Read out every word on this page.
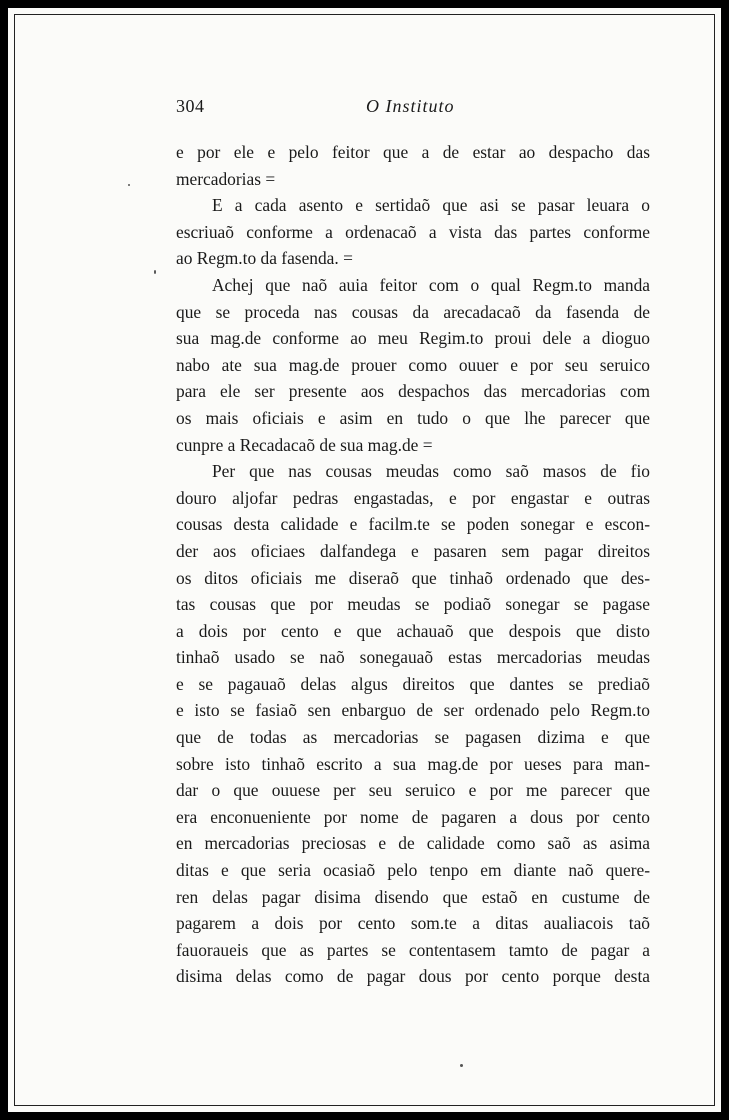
304	O Instituto
e por ele e pelo feitor que a de estar ao despacho das
mercadorias =
E a cada asento e sertidaõ que asi se pasar leuara o
escriuaõ conforme a ordenacaõ a vista das partes conforme
ao Regm.to da fasenda. =
Achej que naõ auia feitor com o qual Regm.to manda
que se proceda nas cousas da arecadacaõ da fasenda de
sua mag.de conforme ao meu Regim.to proui dele a dioguo
nabo ate sua mag.de prouer como ouuer e por seu seruico
para ele ser presente aos despachos das mercadorias com
os mais oficiais e asim en tudo o que lhe parecer que
cunpre a Recadacaõ de sua mag.de =
Per que nas cousas meudas como saõ masos de fio
douro aljofar pedras engastadas, e por engastar e outras
cousas desta calidade e facilm.te se poden sonegar e escon-
der aos oficiaes dalfandega e pasaren sem pagar direitos
os ditos oficiais me diseraõ que tinhaõ ordenado que des-
tas cousas que por meudas se podiaõ sonegar se pagase
a dois por cento e que achauaõ que despois que disto
tinhaõ usado se naõ sonegauaõ estas mercadorias meudas
e se pagauaõ delas algus direitos que dantes se prediaõ
e isto se fasiaõ sen enbarguo de ser ordenado pelo Regm.to
que de todas as mercadorias se pagasen dizima e que
sobre isto tinhaõ escrito a sua mag.de por ueses para man-
dar o que ouuese per seu seruico e por me parecer que
era enconueniente por nome de pagaren a dous por cento
en mercadorias preciosas e de calidade como saõ as asima
ditas e que seria ocasiaõ pelo tenpo em diante naõ quere-
ren delas pagar disima disendo que estaõ en custume de
pagarem a dois por cento som.te a ditas aualiacois taõ
fauoraueis que as partes se contentasem tamto de pagar a
disima delas como de pagar dous por cento porque desta
